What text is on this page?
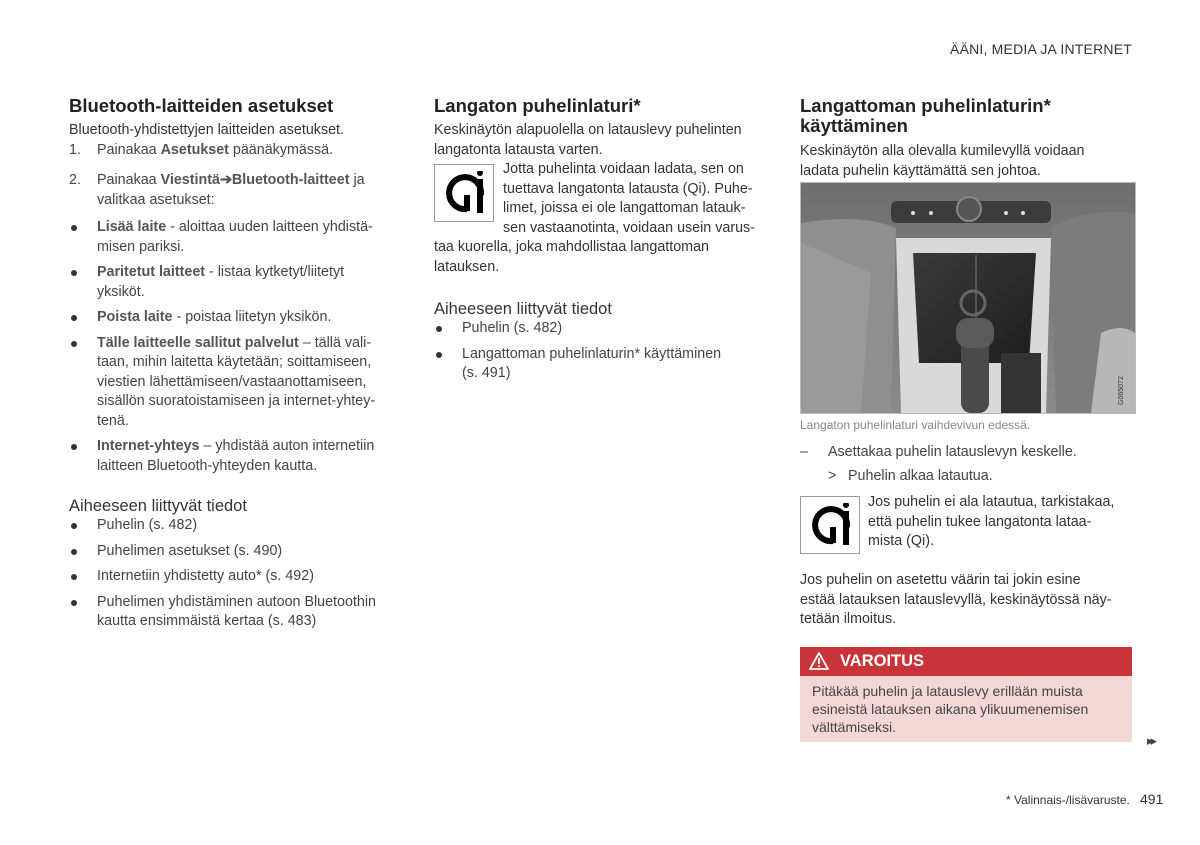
ÄÄNI, MEDIA JA INTERNET
Bluetooth-laitteiden asetukset

Bluetooth-yhdistettyjen laitteiden asetukset.

1. Painakaa Asetukset päänäkymässä.
2. Painakaa Viestintä➔Bluetooth-laitteet ja
valitkaa asetukset:
Lisää laite - aloittaa uuden laitteen yhdistä-
misen pariksi.
Paritetut laitteet - listaa kytketyt/liitetyt
yksiköt.
Poista laite - poistaa liitetyn yksikön.
Tälle laitteelle sallitut palvelut – tällä vali-
taan, mihin laitetta käytetään; soittamiseen,
viestien lähettämiseen/vastaanottamiseen,
sisällön suoratoistamiseen ja internet-yhtey-
tenä.
Internet-yhteys – yhdistää auton internetiin
laitteen Bluetooth-yhteyden kautta.
Aiheeseen liittyvät tiedot
Puhelin (s. 482)
Puhelimen asetukset (s. 490)
Internetiin yhdistetty auto* (s. 492)
Puhelimen yhdistäminen autoon Bluetoothin
kautta ensimmäistä kertaa (s. 483)
Langaton puhelinlaturi*

Keskinäytön alapuolella on latauslevy puhelinten
langatonta latausta varten.

Jotta puhelinta voidaan ladata, sen on

tuettava langatonta latausta (Qi). Puhe-

limet, joissa ei ole langattoman latauk-

sen vastaanotinta, voidaan usein varus-

taa kuorella, joka mahdollistaa langattoman
latauksen.

Aiheeseen liittyvät tiedot
Puhelin (s. 482)
Langattoman puhelinlaturin* käyttäminen
(s. 491)
Langattoman puhelinlaturin*
käyttäminen

Keskinäytön alla olevalla kumilevyllä voidaan
ladata puhelin käyttämättä sen johtoa.

G065072
Langaton puhelinlaturi vaihdevivun edessä.
– Asettakaa puhelin latauslevyn keskelle.
> Puhelin alkaa latautua.

Jos puhelin ei ala latautua, tarkistakaa,

että puhelin tukee langatonta lataa-

mista (Qi).

Jos puhelin on asetettu väärin tai jokin esine

estää latauksen latauslevyllä, keskinäytössä näy-

tetään ilmoitus.

VAROITUS
Pitäkää puhelin ja latauslevy erillään muista
esineistä latauksen aikana ylikuumenemisen
välttämiseksi.
▸▸
* Valinnais-/lisävaruste. 491
